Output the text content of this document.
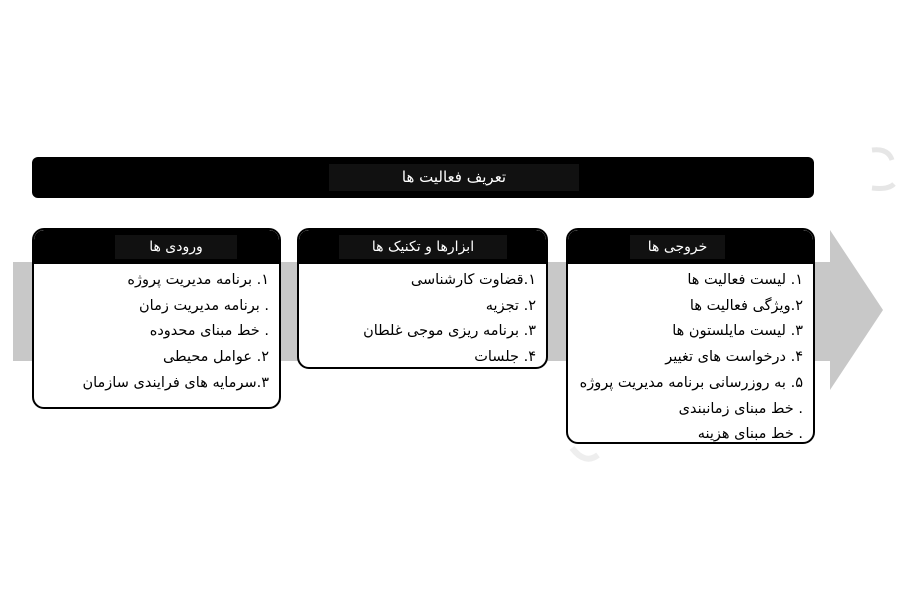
تعریف فعالیت ها
ورودی ها
۱. برنامه مدیریت پروژه
. برنامه مدیریت زمان
. خط مبنای محدوده
۲. عوامل محیطی
۳.سرمایه های فرایندی سازمان
ابزارها و تکنیک ها
۱.قضاوت کارشناسی
۲. تجزیه
۳. برنامه ریزی موجی غلطان
۴. جلسات
خروجی ها
۱. لیست فعالیت ها
۲.ویژگی فعالیت ها
۳. لیست مایلستون ها
۴. درخواست های تغییر
۵. به روزرسانی برنامه مدیریت پروژه
. خط مبنای زمانبندی
. خط مبنای هزینه
